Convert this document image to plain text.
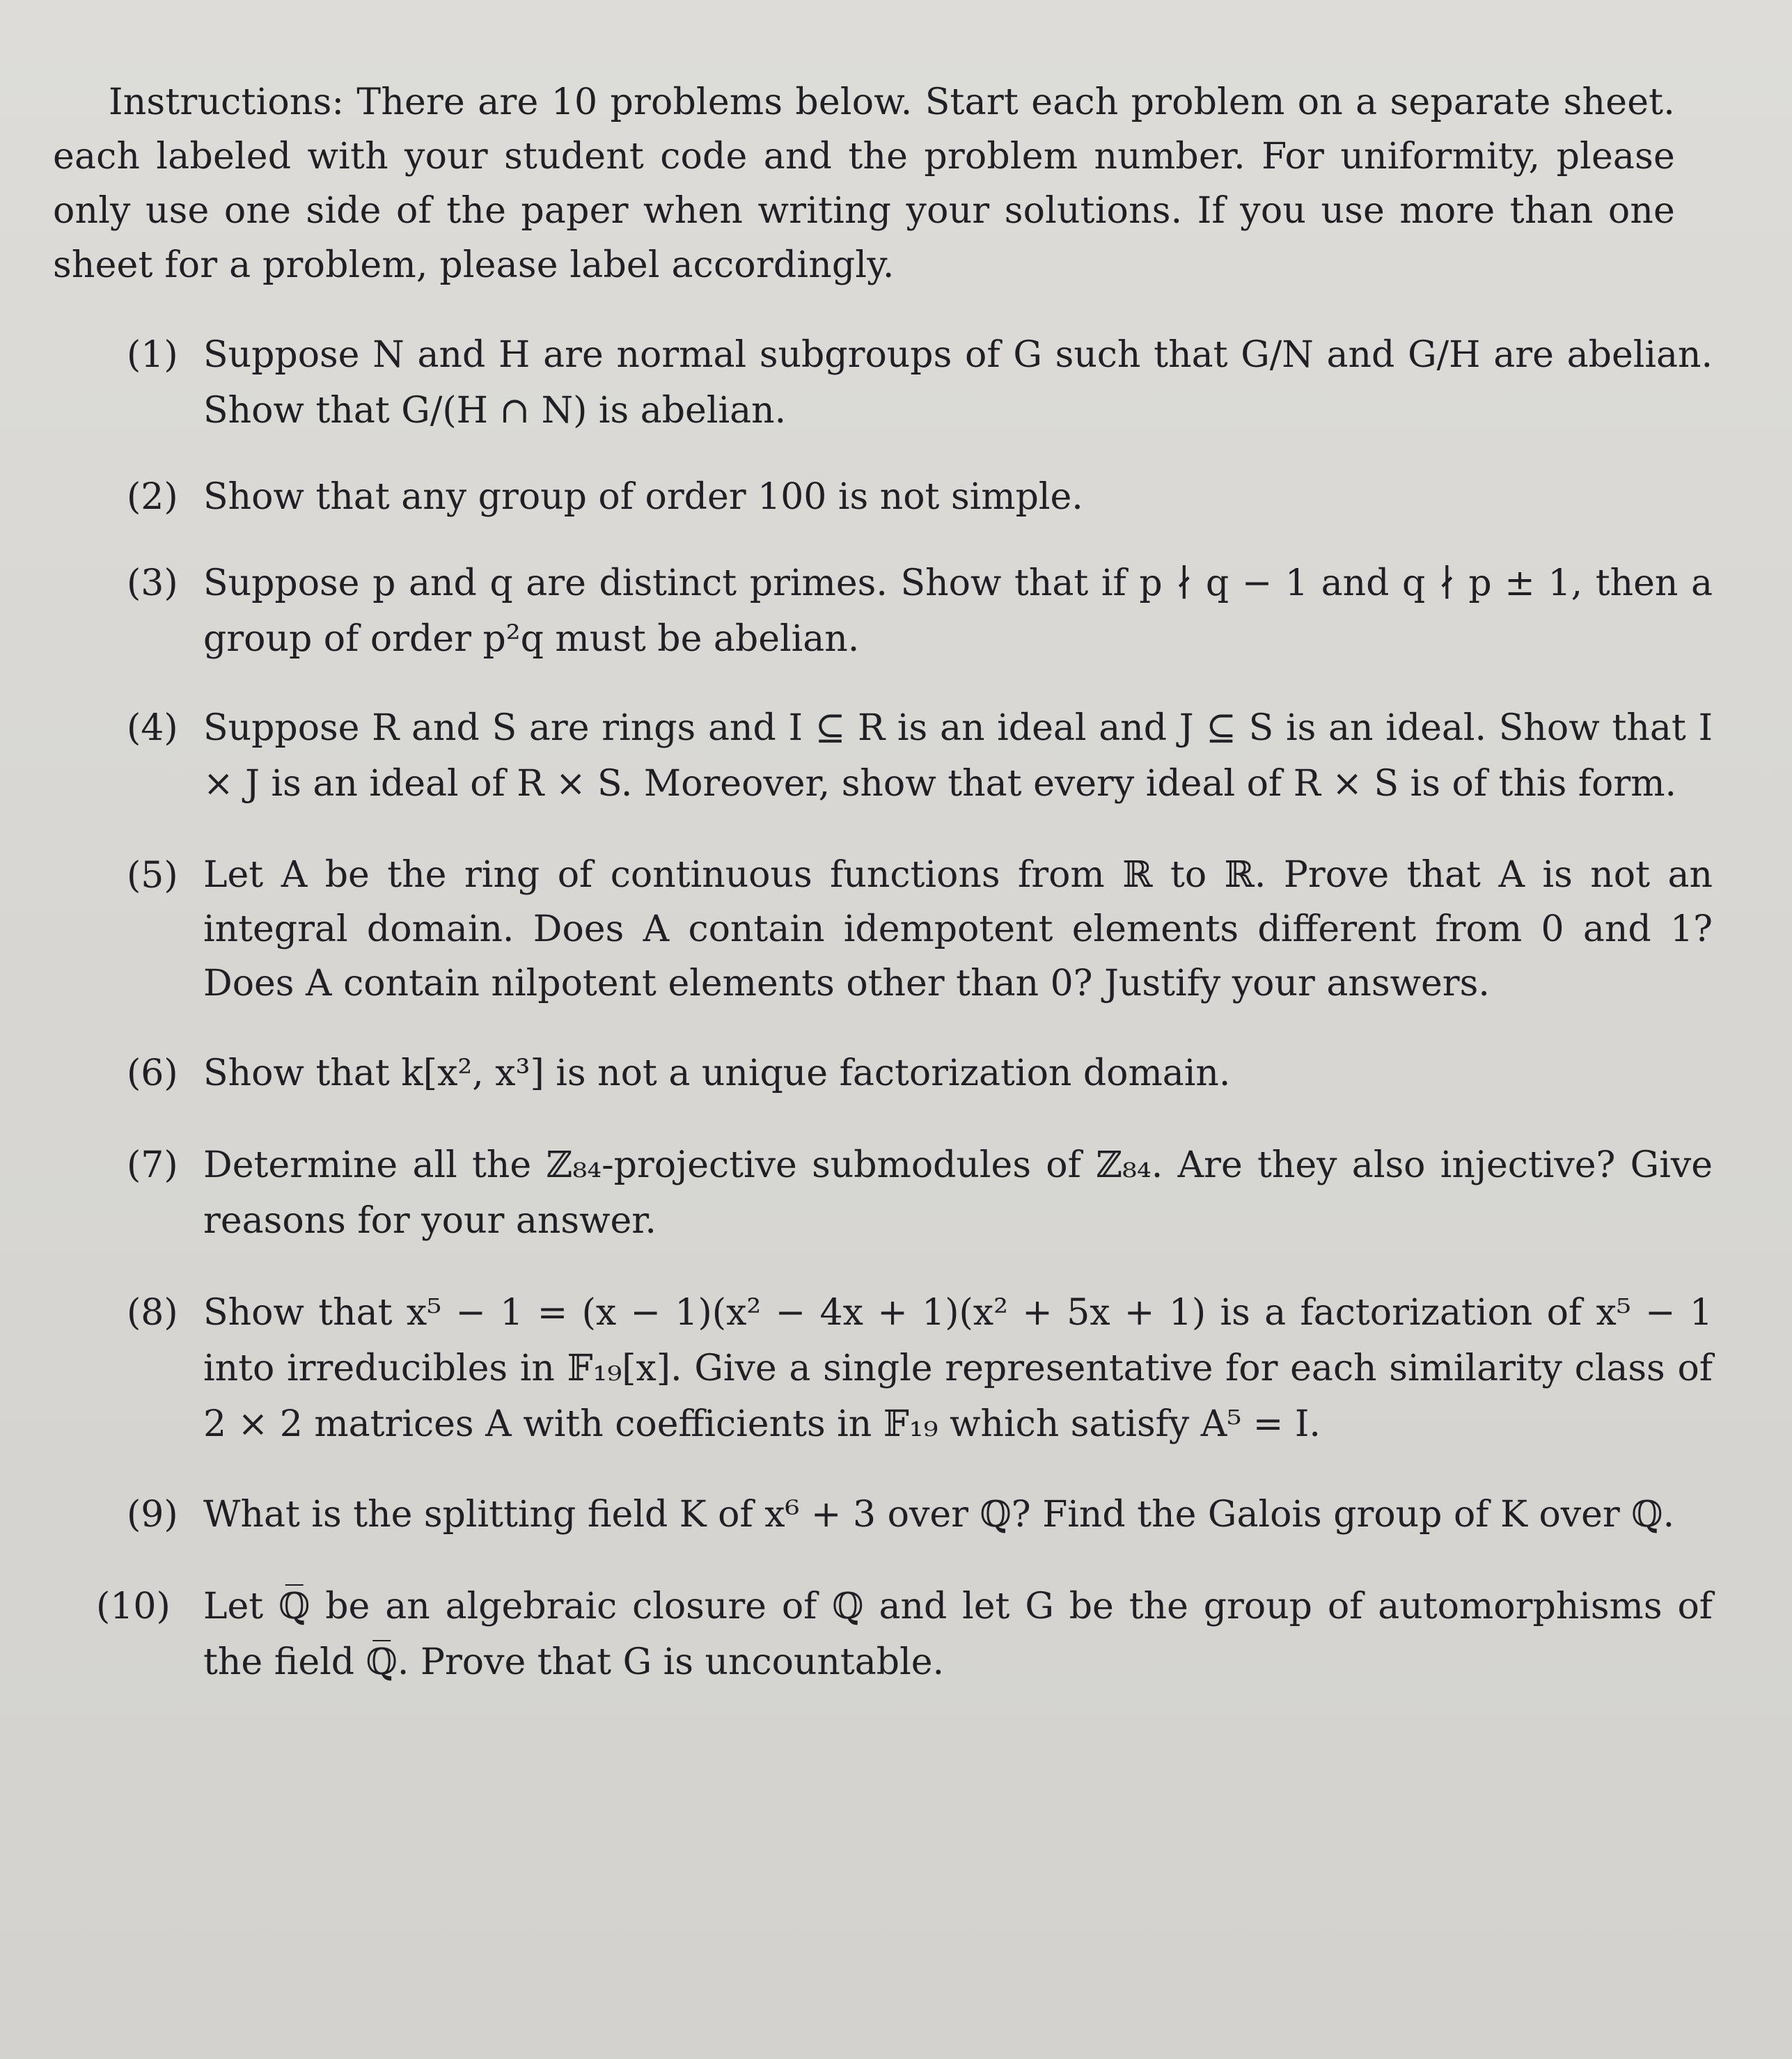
Instructions: There are 10 problems below. Start each problem on a separate sheet. each labeled with your student code and the problem number. For uniformity, please only use one side of the paper when writing your solutions. If you use more than one sheet for a problem, please label accordingly.

(1) Suppose N and H are normal subgroups of G such that G/N and G/H are abelian. Show that G/(H ∩ N) is abelian.
(2) Show that any group of order 100 is not simple.
(3) Suppose p and q are distinct primes. Show that if p ∤ q − 1 and q ∤ p ± 1, then a group of order p²q must be abelian.
(4) Suppose R and S are rings and I ⊆ R is an ideal and J ⊆ S is an ideal. Show that I × J is an ideal of R × S. Moreover, show that every ideal of R × S is of this form.
(5) Let A be the ring of continuous functions from ℝ to ℝ. Prove that A is not an integral domain. Does A contain idempotent elements different from 0 and 1? Does A contain nilpotent elements other than 0? Justify your answers.
(6) Show that k[x², x³] is not a unique factorization domain.
(7) Determine all the ℤ₈₄-projective submodules of ℤ₈₄. Are they also injective? Give reasons for your answer.
(8) Show that x⁵ − 1 = (x − 1)(x² − 4x + 1)(x² + 5x + 1) is a factorization of x⁵ − 1 into irreducibles in 𝔽₁₉[x]. Give a single representative for each similarity class of 2 × 2 matrices A with coefficients in 𝔽₁₉ which satisfy A⁵ = I.
(9) What is the splitting field K of x⁶ + 3 over ℚ? Find the Galois group of K over ℚ.
(10) Let ℚ̅ be an algebraic closure of ℚ and let G be the group of automorphisms of the field ℚ̅. Prove that G is uncountable.
